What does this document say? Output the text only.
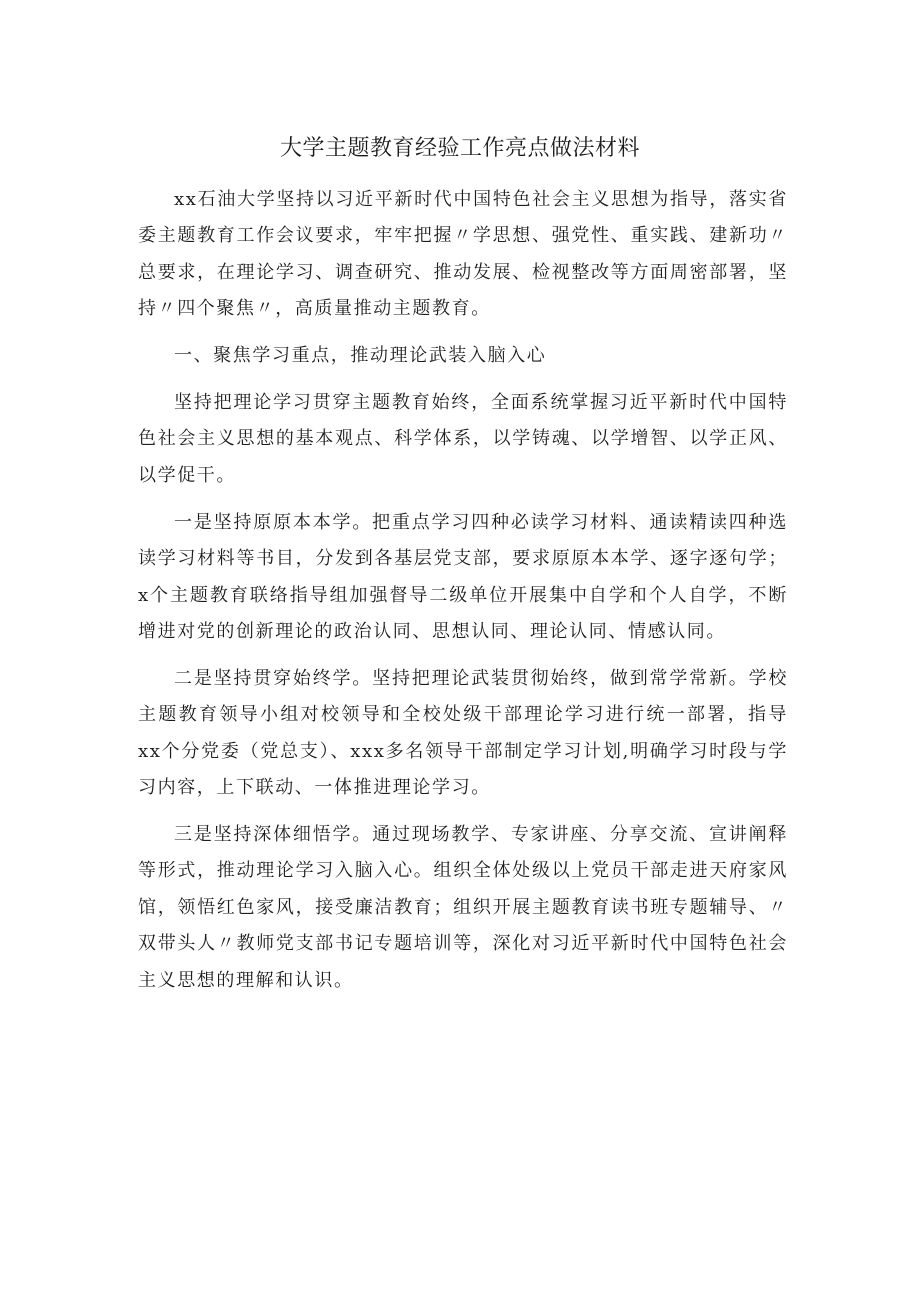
大学主题教育经验工作亮点做法材料

xx石油大学坚持以习近平新时代中国特色社会主义思想为指导，落实省委主题教育工作会议要求，牢牢把握〃学思想、强党性、重实践、建新功〃总要求，在理论学习、调查研究、推动发展、检视整改等方面周密部署，坚持〃四个聚焦〃，高质量推动主题教育。

一、聚焦学习重点，推动理论武装入脑入心

坚持把理论学习贯穿主题教育始终，全面系统掌握习近平新时代中国特色社会主义思想的基本观点、科学体系，以学铸魂、以学增智、以学正风、以学促干。

一是坚持原原本本学。把重点学习四种必读学习材料、通读精读四种选读学习材料等书目，分发到各基层党支部，要求原原本本学、逐字逐句学；x个主题教育联络指导组加强督导二级单位开展集中自学和个人自学，不断增进对党的创新理论的政治认同、思想认同、理论认同、情感认同。

二是坚持贯穿始终学。坚持把理论武装贯彻始终，做到常学常新。学校主题教育领导小组对校领导和全校处级干部理论学习进行统一部署，指导xx个分党委（党总支）、xxx多名领导干部制定学习计划,明确学习时段与学习内容，上下联动、一体推进理论学习。

三是坚持深体细悟学。通过现场教学、专家讲座、分享交流、宣讲阐释等形式，推动理论学习入脑入心。组织全体处级以上党员干部走进天府家风馆，领悟红色家风，接受廉洁教育；组织开展主题教育读书班专题辅导、〃双带头人〃教师党支部书记专题培训等，深化对习近平新时代中国特色社会主义思想的理解和认识。
